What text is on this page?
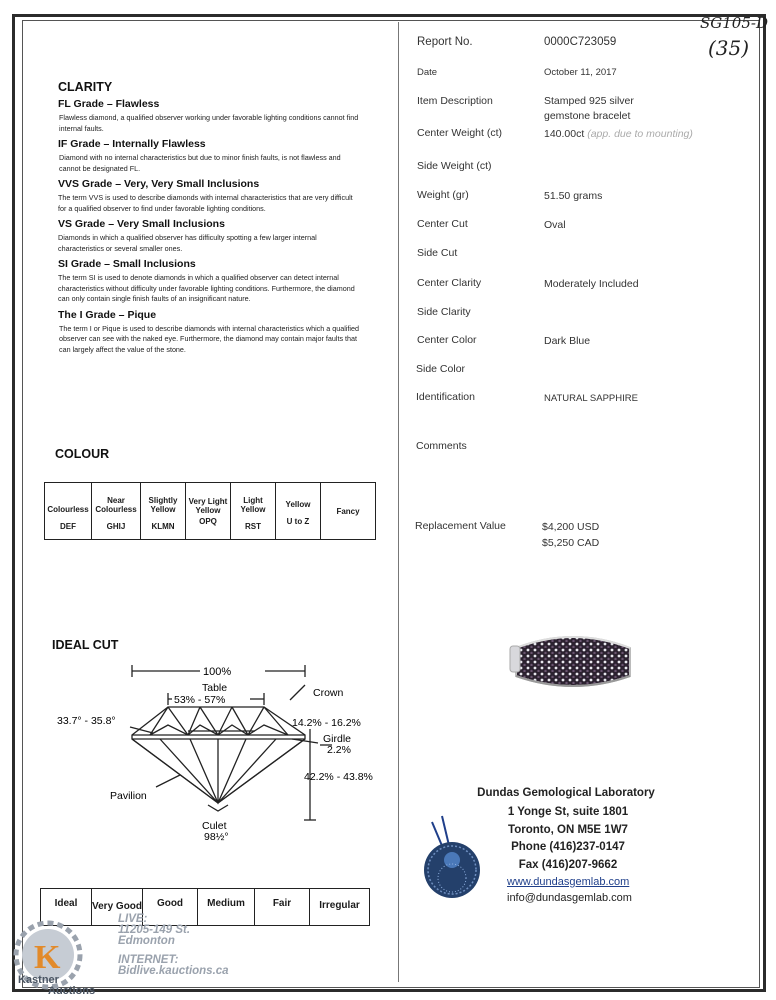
SG105-D
(35)
CLARITY
FL Grade – Flawless
Flawless diamond, a qualified observer working under favorable lighting conditions cannot find internal faults.
IF Grade – Internally Flawless
Diamond with no internal characteristics but due to minor finish faults, is not flawless and cannot be designated FL.
VVS Grade – Very, Very Small Inclusions
The term VVS is used to describe diamonds with internal characteristics that are very difficult for a qualified observer to find under favorable lighting conditions.
VS Grade – Very Small Inclusions
Diamonds in which a qualified observer has difficulty spotting a few larger internal characteristics or several smaller ones.
SI Grade – Small Inclusions
The term SI is used to denote diamonds in which a qualified observer can detect internal characteristics without difficulty under favorable lighting conditions. Furthermore, the diamond can only contain single finish faults of an insignificant nature.
The I Grade – Pique
The term I or Pique is used to describe diamonds with internal characteristics which a qualified observer can see with the naked eye. Furthermore, the diamond may contain major faults that can largely affect the value of the stone.
COLOUR
Colourless
DEF

Near Colourless
GHIJ

Slightly Yellow
KLMN

Very Light Yellow
OPQ

Light Yellow
RST

Yellow
U to Z

Fancy
IDEAL CUT
100%
Table
53% - 57%
Crown
33.7° - 35.8°	14.2% - 16.2%
Girdle
2.2%
42.2% - 43.8%
Pavilion
Culet
98½°
Ideal	Very Good	Good	Medium	Fair	Irregular
K
Kastner
Auctions
LIVE:
11205-149 St.
Edmonton
INTERNET:
Bidlive.kauctions.ca
Report No.	0000C723059
Date	October 11, 2017
Item Description	Stamped 925 silver
gemstone bracelet
Center Weight (ct)	140.00ct (app. due to mounting)
Side Weight (ct)
Weight (gr)	51.50 grams
Center Cut	Oval
Side Cut
Center Clarity	Moderately Included
Side Clarity
Center Color	Dark Blue
Side Color
Identification	NATURAL SAPPHIRE
Comments
Replacement Value	$4,200 USD
$5,250 CAD
Dundas Gemological Laboratory
1 Yonge St, suite 1801
Toronto, ON M5E 1W7
Phone (416)237-0147
Fax (416)207-9662
www.dundasgemlab.com
info@dundasgemlab.com
